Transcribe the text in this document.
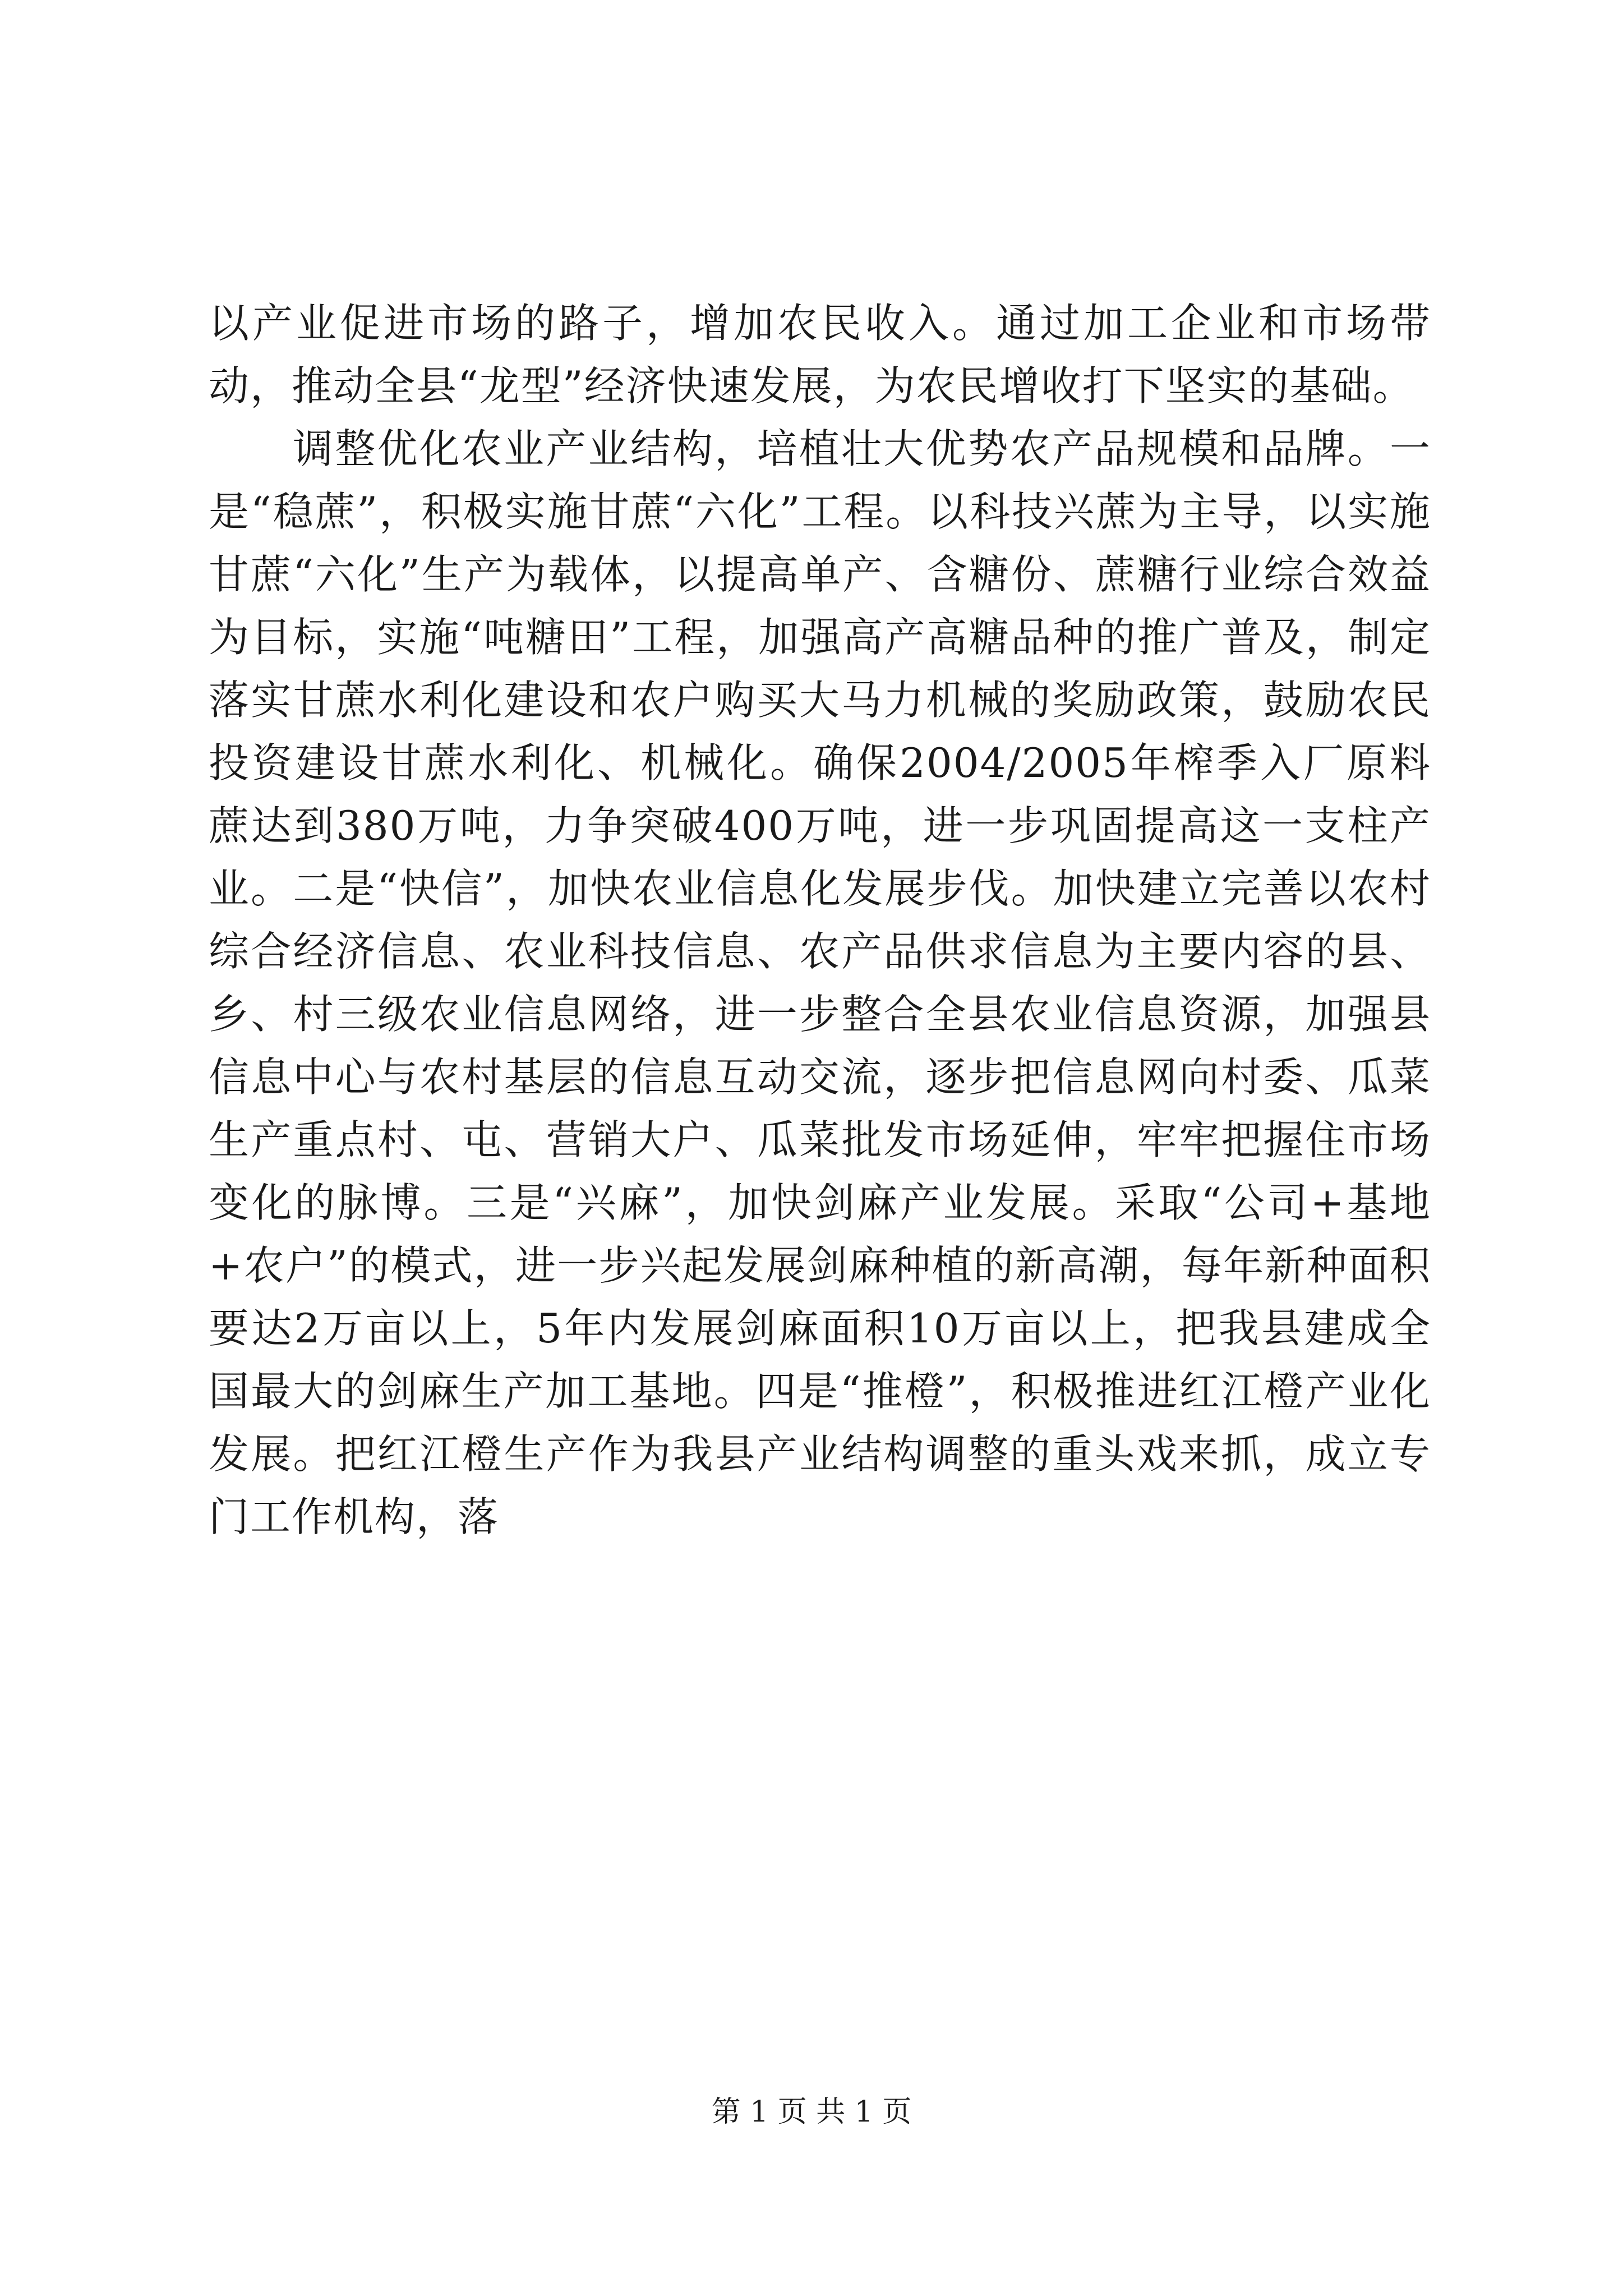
以产业促进市场的路子，增加农民收入。通过加工企业和市场带动，推动全县“龙型”经济快速发展，为农民增收打下坚实的基础。

调整优化农业产业结构，培植壮大优势农产品规模和品牌。一是“稳蔗”，积极实施甘蔗“六化”工程。以科技兴蔗为主导，以实施甘蔗“六化”生产为载体，以提高单产、含糖份、蔗糖行业综合效益为目标，实施“吨糖田”工程，加强高产高糖品种的推广普及，制定落实甘蔗水利化建设和农户购买大马力机械的奖励政策，鼓励农民投资建设甘蔗水利化、机械化。确保2004/2005年榨季入厂原料蔗达到380万吨，力争突破400万吨，进一步巩固提高这一支柱产业。二是“快信”，加快农业信息化发展步伐。加快建立完善以农村综合经济信息、农业科技信息、农产品供求信息为主要内容的县、乡、村三级农业信息网络，进一步整合全县农业信息资源，加强县信息中心与农村基层的信息互动交流，逐步把信息网向村委、瓜菜生产重点村、屯、营销大户、瓜菜批发市场延伸，牢牢把握住市场变化的脉博。三是“兴麻”，加快剑麻产业发展。采取“公司+基地+农户”的模式，进一步兴起发展剑麻种植的新高潮，每年新种面积要达2万亩以上，5年内发展剑麻面积10万亩以上，把我县建成全国最大的剑麻生产加工基地。四是“推橙”，积极推进红江橙产业化发展。把红江橙生产作为我县产业结构调整的重头戏来抓，成立专门工作机构，落

第 1 页 共 1 页
